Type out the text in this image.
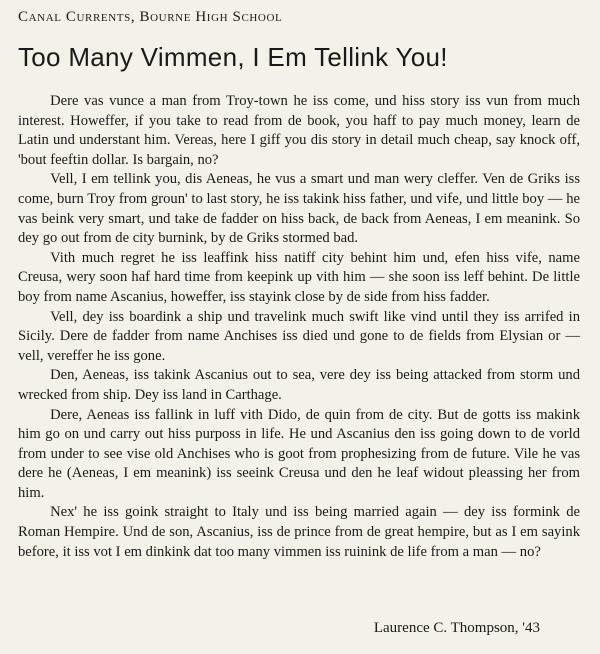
Canal Currents, Bourne High School
Too Many Vimmen, I Em Tellink You!

Dere vas vunce a man from Troy-town he iss come, und hiss story iss vun from much interest. Howeffer, if you take to read from de book, you haff to pay much money, learn de Latin und understant him. Vereas, here I giff you dis story in detail much cheap, say knock off, 'bout feeftin dollar. Is bargain, no?

Vell, I em tellink you, dis Aeneas, he vus a smart und man wery cleffer. Ven de Griks iss come, burn Troy from groun' to last story, he iss takink hiss father, und vife, und little boy — he vas beink very smart, und take de fadder on hiss back, de back from Aeneas, I em meanink. So dey go out from de city burnink, by de Griks stormed bad.

Vith much regret he iss leaffink hiss natiff city behint him und, efen hiss vife, name Creusa, wery soon haf hard time from keepink up vith him — she soon iss leff behint. De little boy from name Ascanius, howeffer, iss stayink close by de side from hiss fadder.

Vell, dey iss boardink a ship und travelink much swift like vind until they iss arrifed in Sicily. Dere de fadder from name Anchises iss died und gone to de fields from Elysian or — vell, vereffer he iss gone.

Den, Aeneas, iss takink Ascanius out to sea, vere dey iss being attacked from storm und wrecked from ship. Dey iss land in Carthage.

Dere, Aeneas iss fallink in luff vith Dido, de quin from de city. But de gotts iss makink him go on und carry out hiss purposs in life. He und Ascanius den iss going down to de vorld from under to see vise old Anchises who is goot from prophesizing from de future. Vile he vas dere he (Aeneas, I em meanink) iss seeink Creusa und den he leaf widout pleassing her from him.

Nex' he iss goink straight to Italy und iss being married again — dey iss formink de Roman Hempire. Und de son, Ascanius, iss de prince from de great hempire, but as I em sayink before, it iss vot I em dinkink dat too many vimmen iss ruinink de life from a man — no?

Laurence C. Thompson, '43
